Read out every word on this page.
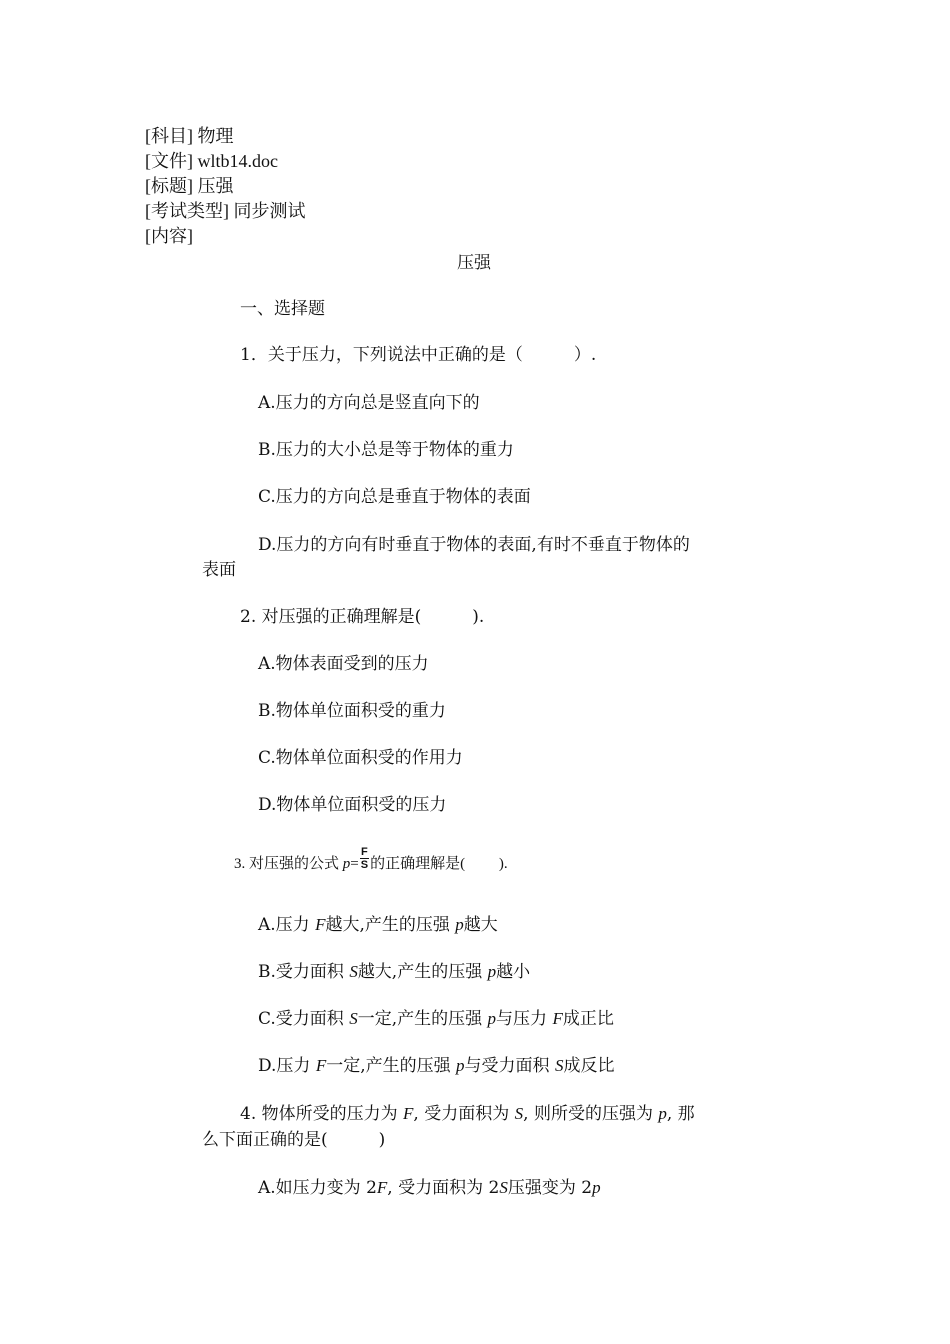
[科目] 物理
[文件] wltb14.doc
[标题] 压强
[考试类型] 同步测试
[内容]
压强
一、选择题
1．关于压力，下列说法中正确的是（　　　）.
A.压力的方向总是竖直向下的
B.压力的大小总是等于物体的重力
C.压力的方向总是垂直于物体的表面
D.压力的方向有时垂直于物体的表面,有时不垂直于物体的
表面
2. 对压强的正确理解是(　　　).
A.物体表面受到的压力
B.物体单位面积受的重力
C.物体单位面积受的作用力
D.物体单位面积受的压力
3. 对压强的公式 $p= \frac{F}{S}$ 的正确理解是(　　 ).
A.压力 F越大,产生的压强 p越大
B.受力面积 S越大,产生的压强 p越小
C.受力面积 S一定,产生的压强 p与压力 F成正比
D.压力 F一定,产生的压强 p与受力面积 S成反比
4. 物体所受的压力为 F, 受力面积为 S, 则所受的压强为 p, 那
么下面正确的是(　　　)
A.如压力变为 2F, 受力面积为 2S压强变为 2p
